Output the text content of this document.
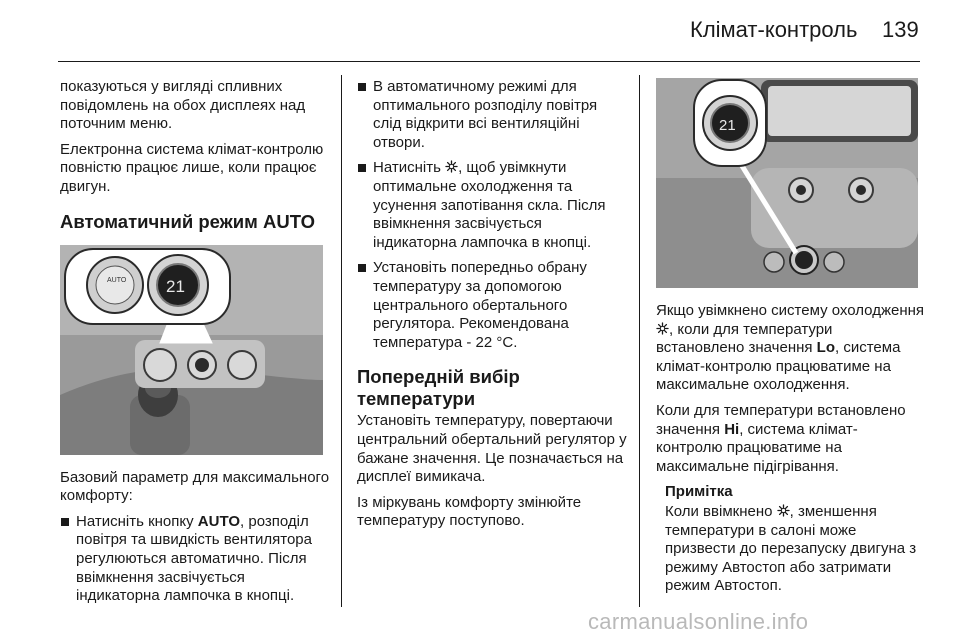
Клімат-контроль 139

показуються у вигляді спливних повідомлень на обох дисплеях над поточним меню.

Електронна система клімат-контролю повністю працює лише, коли працює двигун.

Автоматичний режим AUTO
AUTO 21

Базовий параметр для максимального комфорту:

Натисніть кнопку AUTO, розподіл повітря та швидкість вентилятора регулюються автоматично. Після ввімкнення засвічується індикаторна лампочка в кнопці.
В автоматичному режимі для оптимального розподілу повітря слід відкрити всі вентиляційні отвори.
Натисніть , щоб увімкнути оптимальне охолодження та усунення запотівання скла. Після ввімкнення засвічується індикаторна лампочка в кнопці.
Установіть попередньо обрану температуру за допомогою центрального обертального регулятора. Рекомендована температура - 22 °C.
Попередній вибір температури

Установіть температуру, повертаючи центральний обертальний регулятор у бажане значення. Це позначається на дисплеї вимикача.

Із міркувань комфорту змінюйте температуру поступово.

21

Якщо увімкнено систему охолодження , коли для температури встановлено значення Lo, система клімат-контролю працюватиме на максимальне охолодження.

Коли для температури встановлено значення Hi, система клімат-контролю працюватиме на максимальне підігрівання.

Примітка
Коли ввімкнено , зменшення температури в салоні може призвести до перезапуску двигуна з режиму Автостоп або затримати режим Автостоп.
carmanualsonline.info
